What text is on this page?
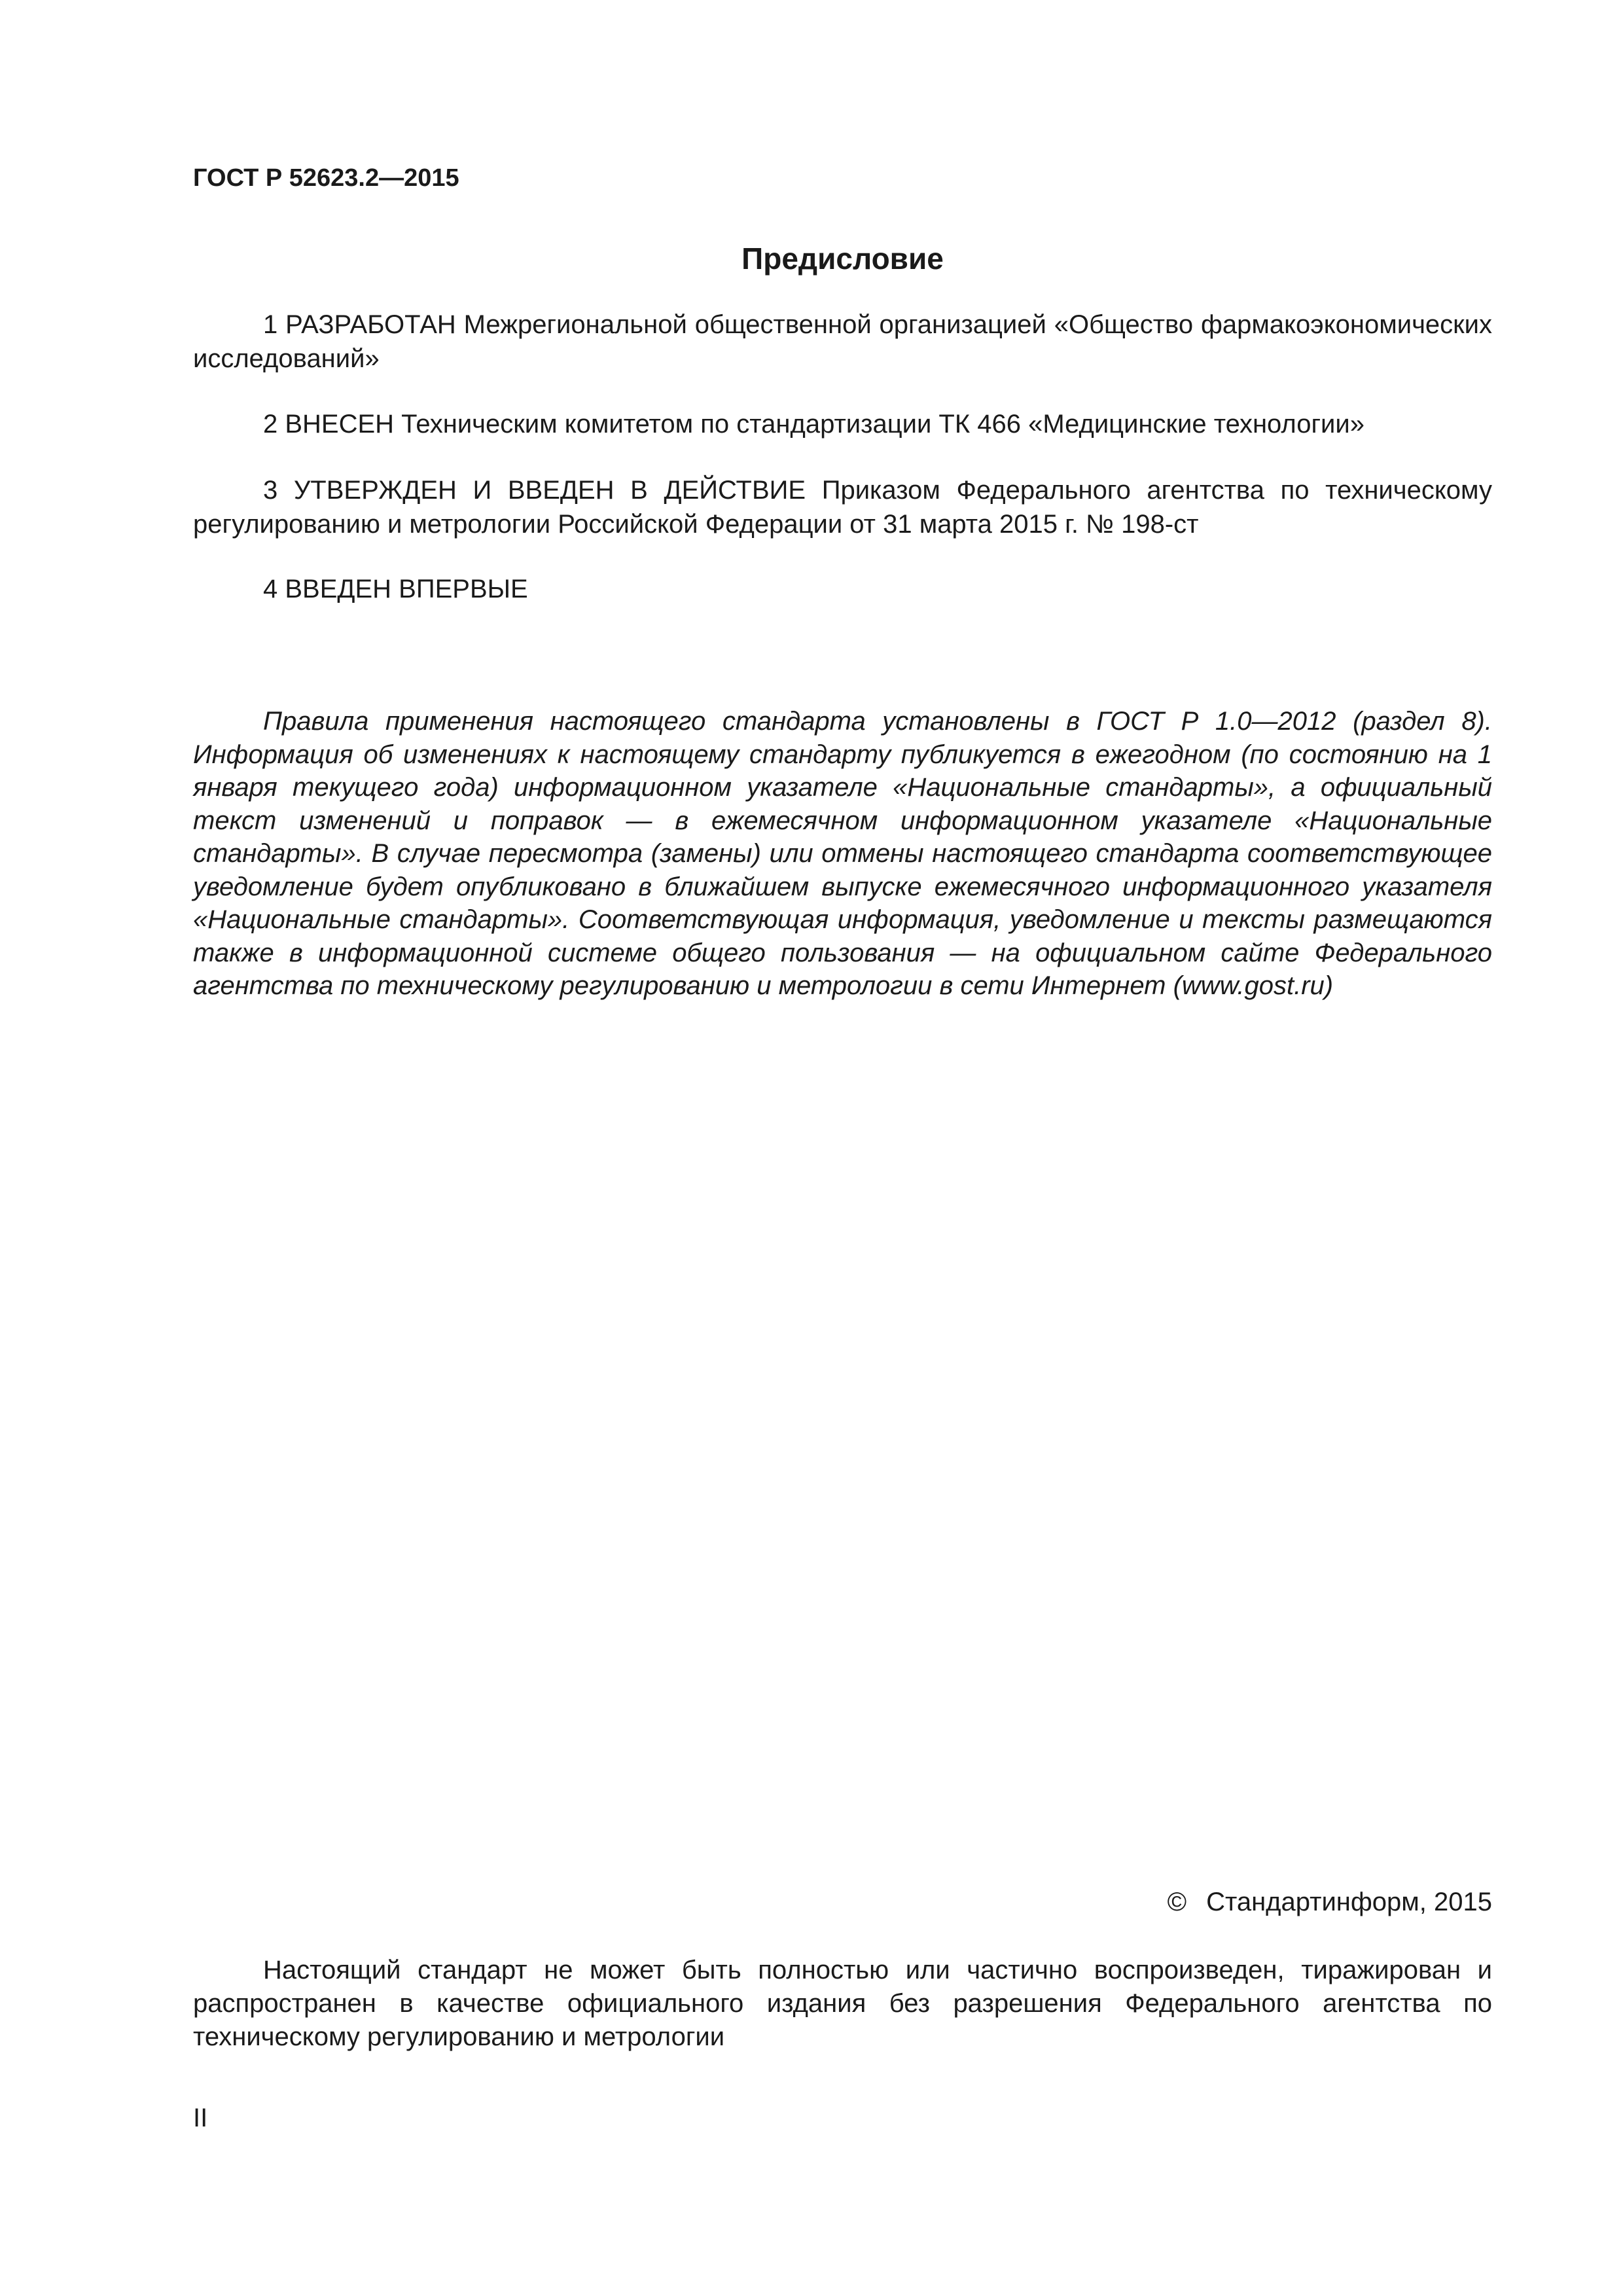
ГОСТ Р 52623.2—2015
Предисловие
1 РАЗРАБОТАН Межрегиональной общественной организацией «Общество фармакоэкономических исследований»
2 ВНЕСЕН Техническим комитетом по стандартизации ТК 466 «Медицинские технологии»
3 УТВЕРЖДЕН И ВВЕДЕН В ДЕЙСТВИЕ Приказом Федерального агентства по техническому регулированию и метрологии Российской Федерации от 31 марта 2015 г. № 198-ст
4 ВВЕДЕН ВПЕРВЫЕ
Правила применения настоящего стандарта установлены в ГОСТ Р 1.0—2012 (раздел 8). Информация об изменениях к настоящему стандарту публикуется в ежегодном (по состоянию на 1 января текущего года) информационном указателе «Национальные стандарты», а официальный текст изменений и поправок — в ежемесячном информационном указателе «Национальные стандарты». В случае пересмотра (замены) или отмены настоящего стандарта соответствующее уведомление будет опубликовано в ближайшем выпуске ежемесячного информационного указателя «Национальные стандарты». Соответствующая информация, уведомление и тексты размещаются также в информационной системе общего пользования — на официальном сайте Федерального агентства по техническому регулированию и метрологии в сети Интернет (www.gost.ru)
© Стандартинформ, 2015
Настоящий стандарт не может быть полностью или частично воспроизведен, тиражирован и распространен в качестве официального издания без разрешения Федерального агентства по техническому регулированию и метрологии
II
